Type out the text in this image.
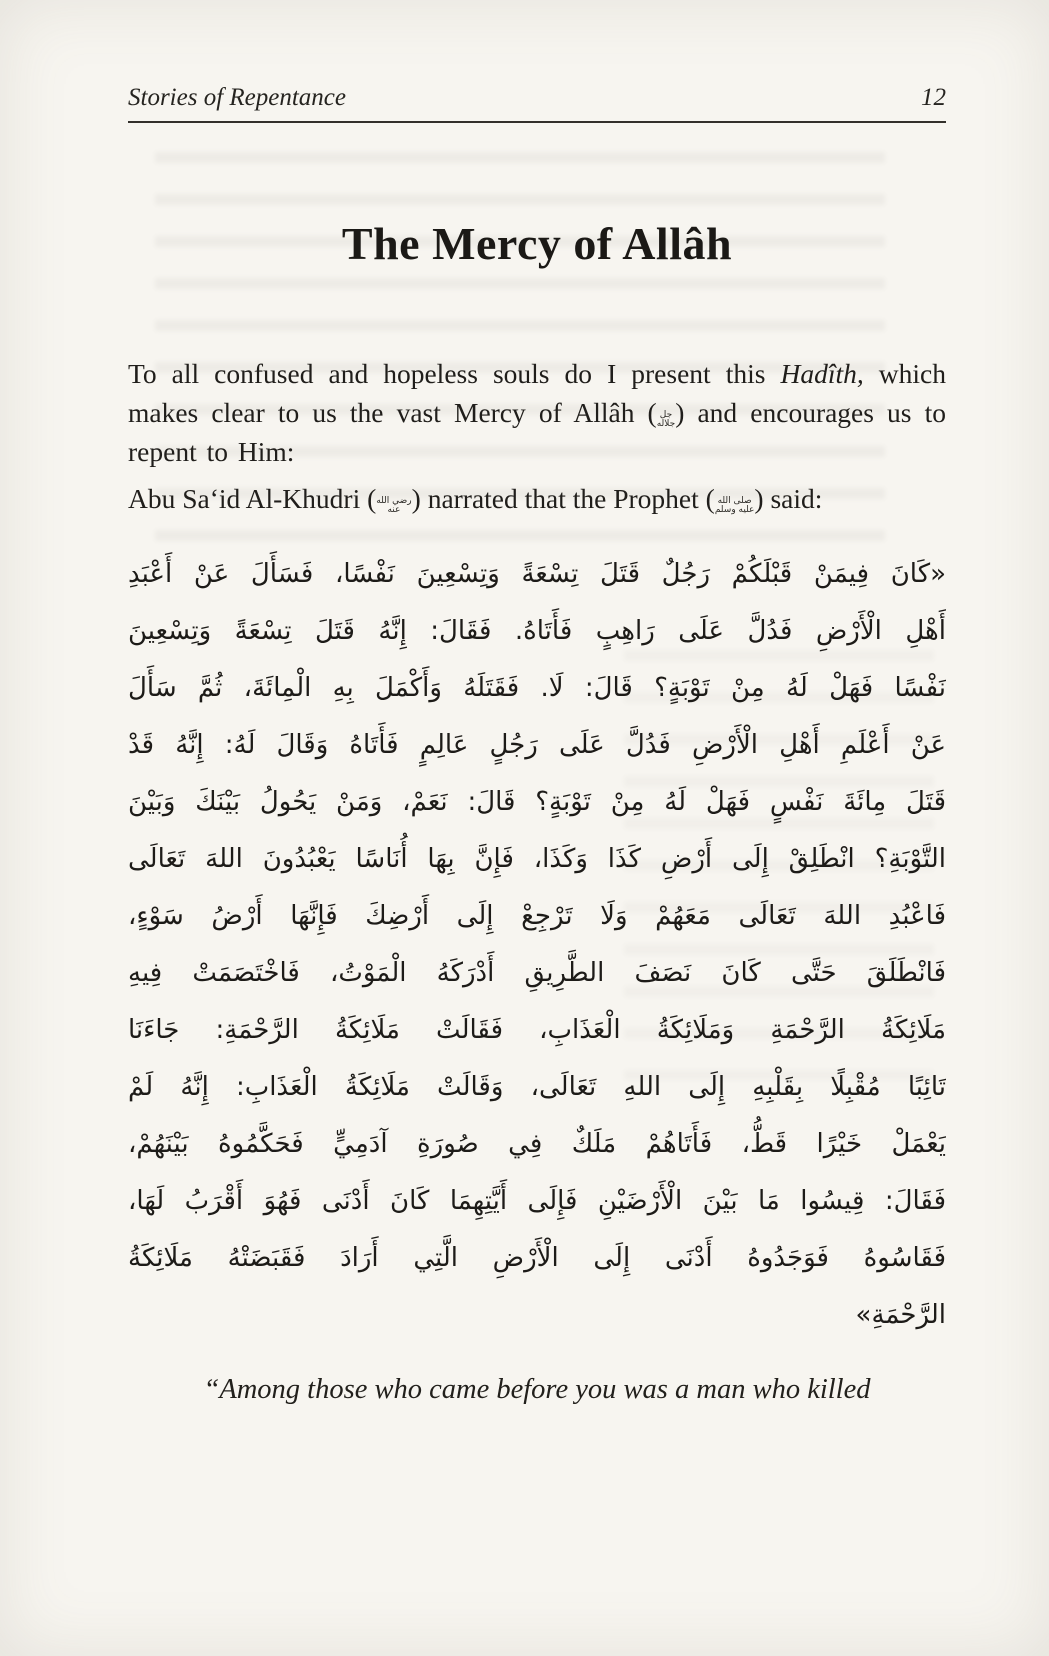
Stories of Repentance	12
The Mercy of Allâh
To all confused and hopeless souls do I present this Hadîth, which makes clear to us the vast Mercy of Allâh ( جل
جلاله ) and encourages us to repent to Him:
Abu Sa‘id Al-Khudri ( رضي الله
عنه ) narrated that the Prophet ( صلى الله
عليه وسلم ) said:
«كَانَ فِيمَنْ قَبْلَكُمْ رَجُلٌ قَتَلَ تِسْعَةً وَتِسْعِينَ نَفْسًا، فَسَأَلَ عَنْ أَعْبَدِ
أَهْلِ الْأَرْضِ فَدُلَّ عَلَى رَاهِبٍ فَأَتَاهُ. فَقَالَ: إِنَّهُ قَتَلَ تِسْعَةً وَتِسْعِينَ
نَفْسًا فَهَلْ لَهُ مِنْ تَوْبَةٍ؟ قَالَ: لَا. فَقَتَلَهُ وَأَكْمَلَ بِهِ الْمِائَةَ، ثُمَّ سَأَلَ
عَنْ أَعْلَمِ أَهْلِ الْأَرْضِ فَدُلَّ عَلَى رَجُلٍ عَالِمٍ فَأَتَاهُ وَقَالَ لَهُ: إِنَّهُ قَدْ
قَتَلَ مِائَةَ نَفْسٍ فَهَلْ لَهُ مِنْ تَوْبَةٍ؟ قَالَ: نَعَمْ، وَمَنْ يَحُولُ بَيْنَكَ وَبَيْنَ
التَّوْبَةِ؟ انْطَلِقْ إِلَى أَرْضِ كَذَا وَكَذَا، فَإِنَّ بِهَا أُنَاسًا يَعْبُدُونَ اللهَ تَعَالَى
فَاعْبُدِ اللهَ تَعَالَى مَعَهُمْ وَلَا تَرْجِعْ إِلَى أَرْضِكَ فَإِنَّهَا أَرْضُ سَوْءٍ،
فَانْطَلَقَ حَتَّى كَانَ نَصَفَ الطَّرِيقِ أَدْرَكَهُ الْمَوْتُ، فَاخْتَصَمَتْ فِيهِ
مَلَائِكَةُ الرَّحْمَةِ وَمَلَائِكَةُ الْعَذَابِ، فَقَالَتْ مَلَائِكَةُ الرَّحْمَةِ: جَاءَنَا
تَائِبًا مُقْبِلًا بِقَلْبِهِ إِلَى اللهِ تَعَالَى، وَقَالَتْ مَلَائِكَةُ الْعَذَابِ: إِنَّهُ لَمْ
يَعْمَلْ خَيْرًا قَطُّ، فَأَتَاهُمْ مَلَكٌ فِي صُورَةِ آدَمِيٍّ فَحَكَّمُوهُ بَيْنَهُمْ،
فَقَالَ: قِيسُوا مَا بَيْنَ الْأَرْضَيْنِ فَإِلَى أَيَّتِهِمَا كَانَ أَدْنَى فَهُوَ أَقْرَبُ لَهَا،
فَقَاسُوهُ فَوَجَدُوهُ أَدْنَى إِلَى الْأَرْضِ الَّتِي أَرَادَ فَقَبَضَتْهُ مَلَائِكَةُ
الرَّحْمَةِ»
“Among those who came before you was a man who killed
